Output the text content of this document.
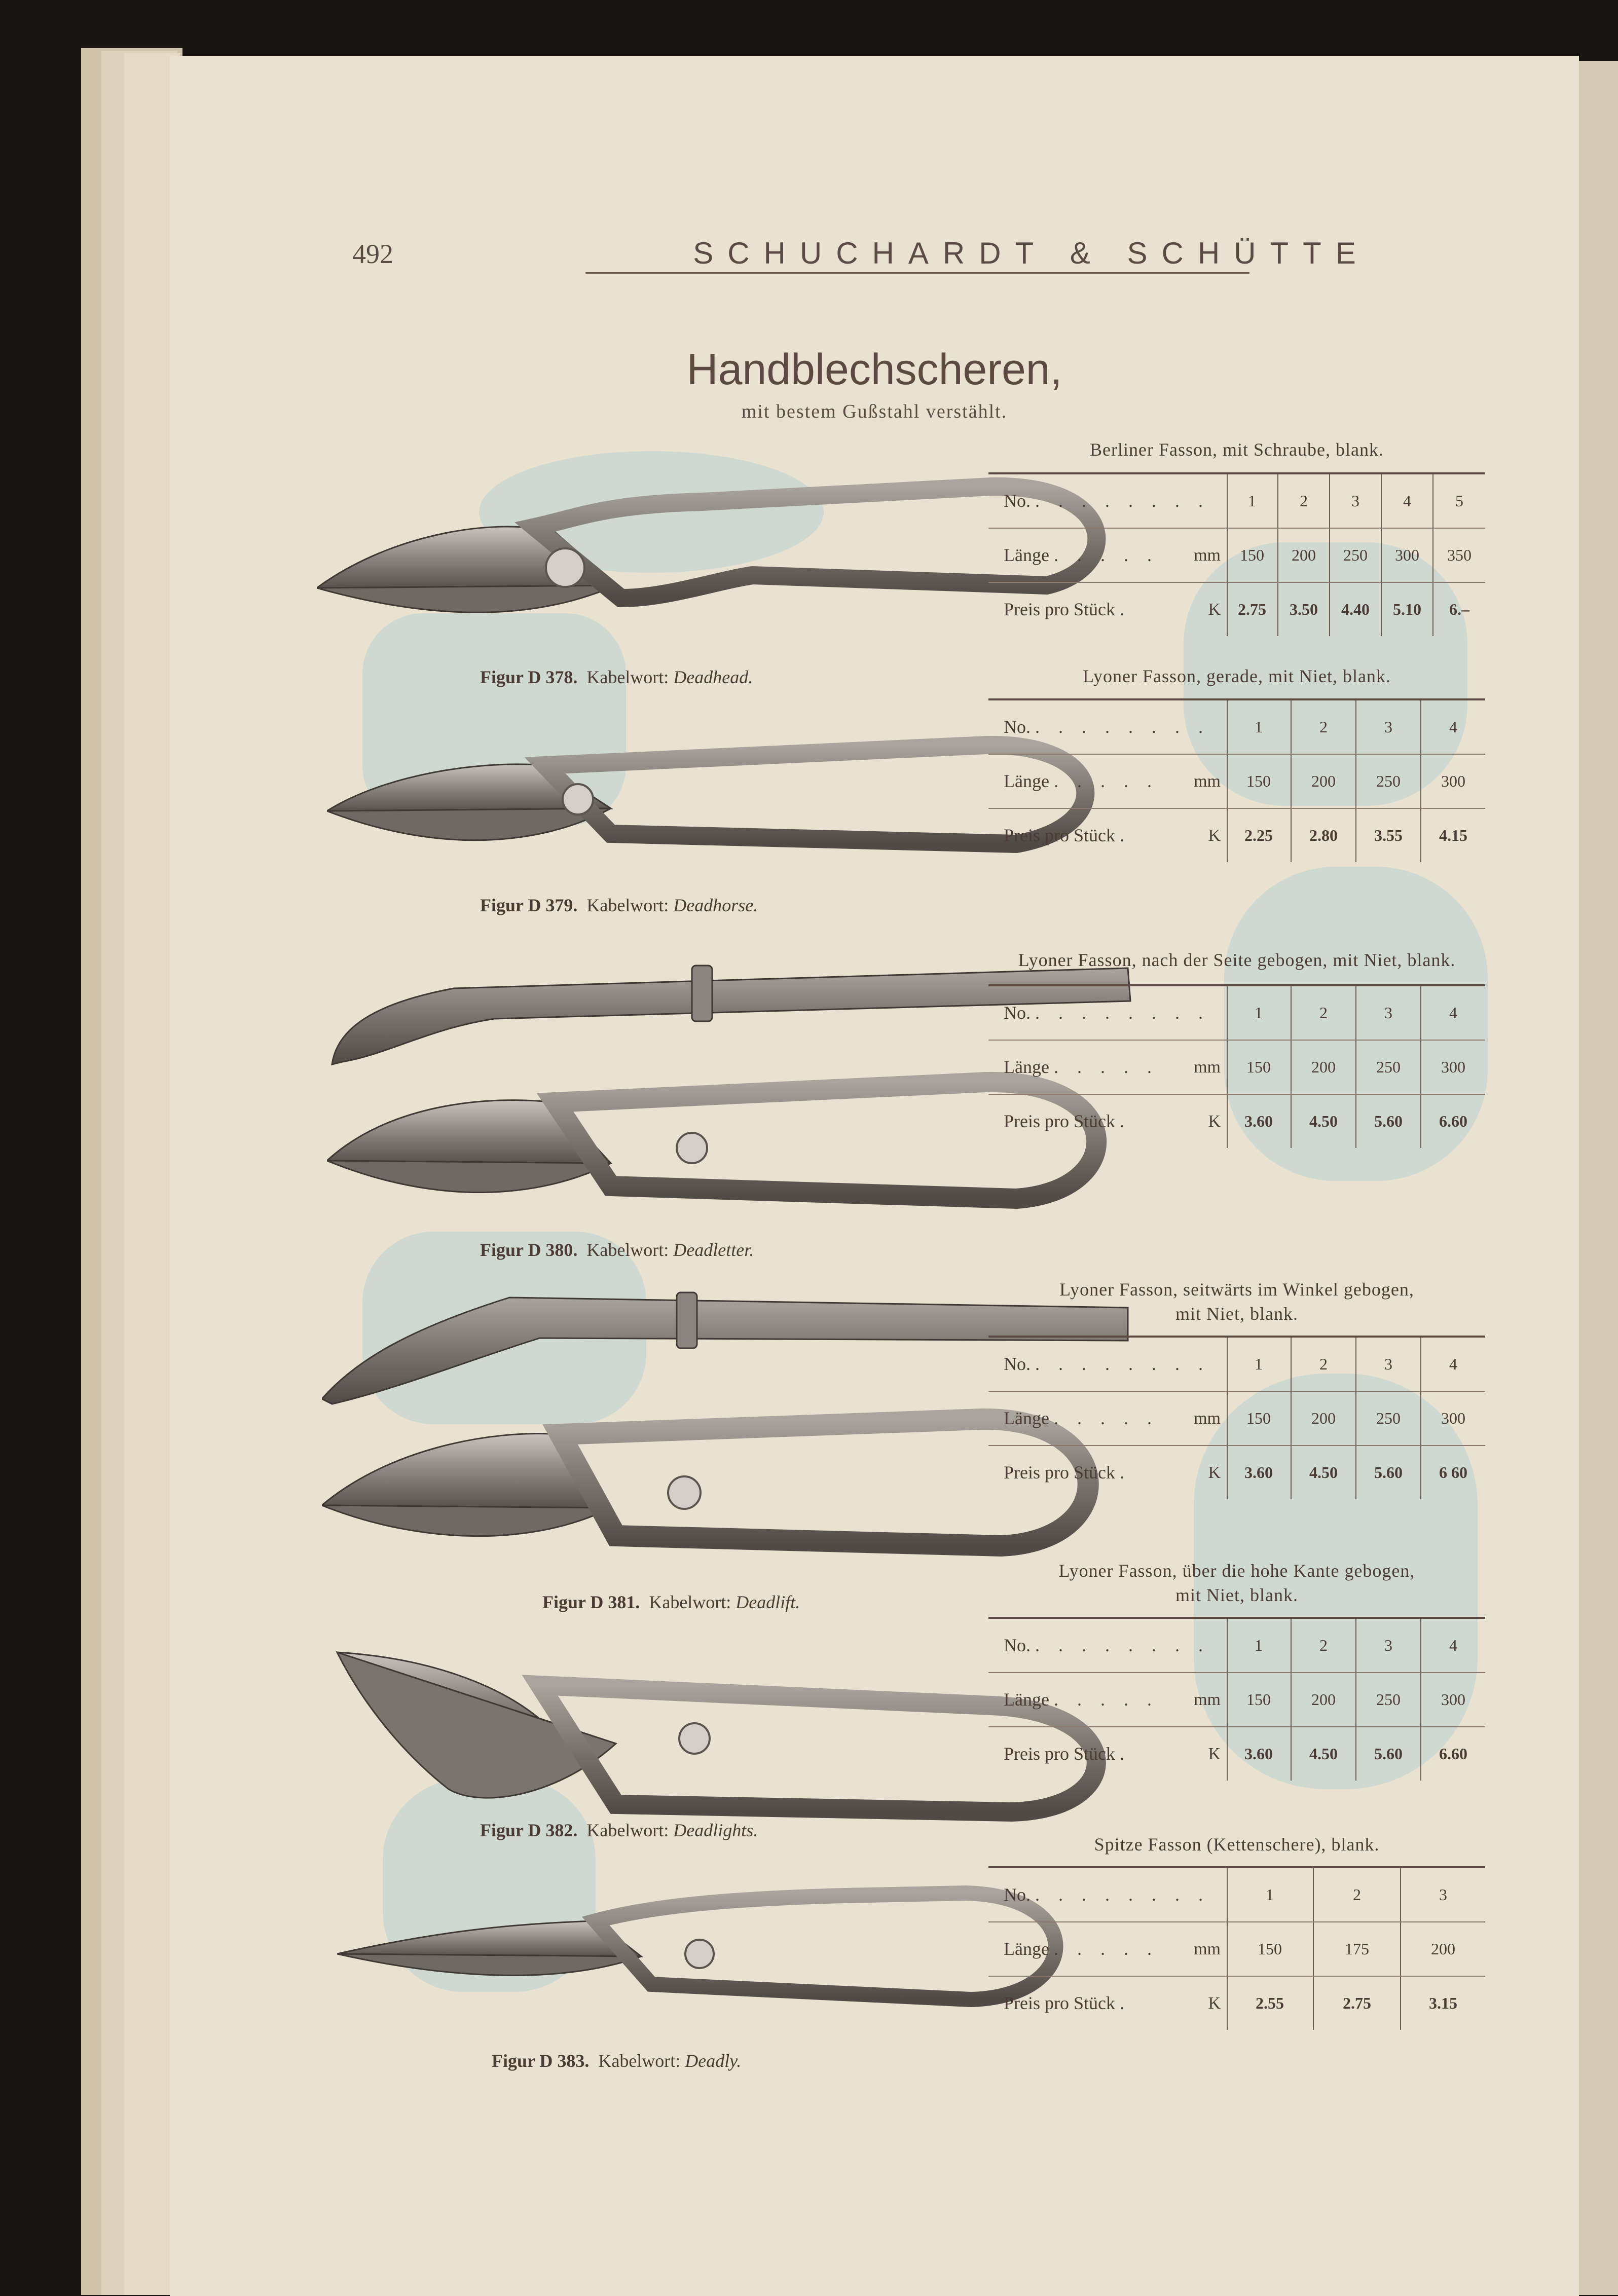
492	SCHUCHARDT & SCHÜTTE
Handblechscheren,
mit bestem Gußstahl verstählt.
Figur D 378. Kabelwort: Deadhead.
Figur D 379. Kabelwort: Deadhorse.
Figur D 380. Kabelwort: Deadletter.
Figur D 381. Kabelwort: Deadlift.
Figur D 382. Kabelwort: Deadlights.
Figur D 383. Kabelwort: Deadly.
Berliner Fasson, mit Schraube, blank.
No. . . . . . . . .	1	2	3	4	5
Länge . . . . . mm	150	200	250	300	350
Preis pro Stück .	K	2.75	3.50	4.40	5.10	6.–
Lyoner Fasson, gerade, mit Niet, blank.
No. . . . . . . . .	1	2	3	4
Länge . . . . . mm	150	200	250	300
Preis pro Stück .	K	2.25	2.80	3.55	4.15
Lyoner Fasson, nach der Seite gebogen, mit Niet, blank.
No. . . . . . . . .	1	2	3	4
Länge . . . . . mm	150	200	250	300
Preis pro Stück .	K	3.60	4.50	5.60	6.60
Lyoner Fasson, seitwärts im Winkel gebogen,
mit Niet, blank.
No. . . . . . . . .	1	2	3	4
Länge . . . . . mm	150	200	250	300
Preis pro Stück .	K	3.60	4.50	5.60	6 60
Lyoner Fasson, über die hohe Kante gebogen,
mit Niet, blank.
No. . . . . . . . .	1	2	3	4
Länge . . . . . mm	150	200	250	300
Preis pro Stück .	K	3.60	4.50	5.60	6.60
Spitze Fasson (Kettenschere), blank.
No. . . . . . . . .	1	2	3
Länge . . . . . mm	150	175	200
Preis pro Stück .	K	2.55	2.75	3.15
